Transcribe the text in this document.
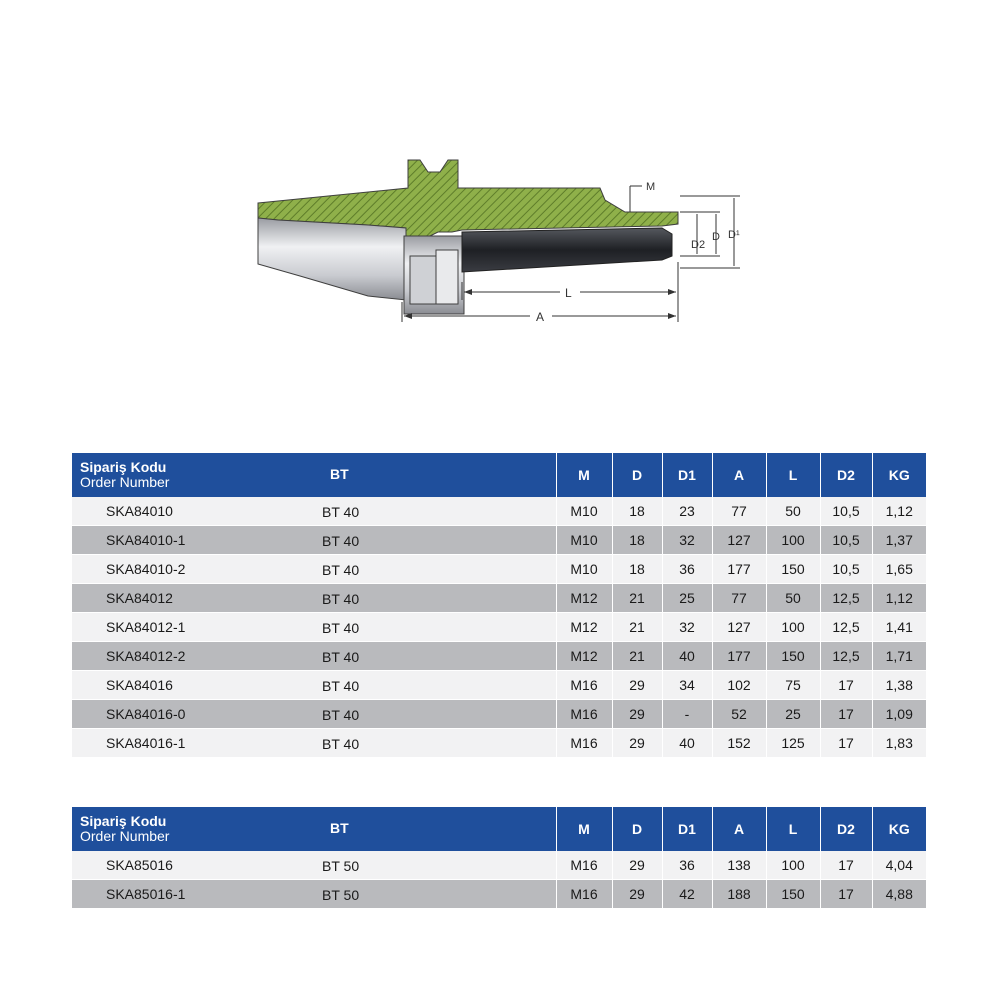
M
D
D2
D¹
L
A
Sipariş Kodu
Order Number BT	M	D	D1	A	L	D2	KG
SKA84010 BT 40	M10	18	23	77	50	10,5	1,12
SKA84010-1 BT 40	M10	18	32	127	100	10,5	1,37
SKA84010-2 BT 40	M10	18	36	177	150	10,5	1,65
SKA84012 BT 40	M12	21	25	77	50	12,5	1,12
SKA84012-1 BT 40	M12	21	32	127	100	12,5	1,41
SKA84012-2 BT 40	M12	21	40	177	150	12,5	1,71
SKA84016 BT 40	M16	29	34	102	75	17	1,38
SKA84016-0 BT 40	M16	29	-	52	25	17	1,09
SKA84016-1 BT 40	M16	29	40	152	125	17	1,83
Sipariş Kodu
Order Number BT	M	D	D1	A	L	D2	KG
SKA85016 BT 50	M16	29	36	138	100	17	4,04
SKA85016-1 BT 50	M16	29	42	188	150	17	4,88
